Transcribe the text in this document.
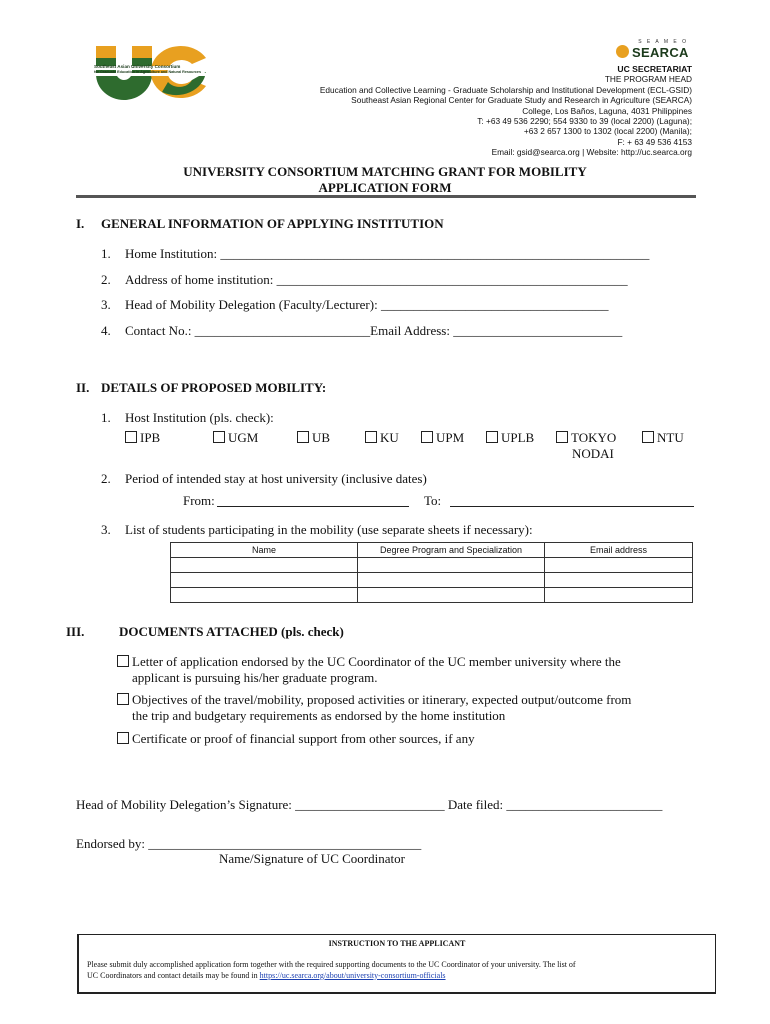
Southeast Asian University Consortium
for Graduate Education in Agriculture and Natural Resources
S E A M E O
SEARCA
UC SECRETARIAT
THE PROGRAM HEAD
Education and Collective Learning - Graduate Scholarship and Institutional Development (ECL-GSID)
Southeast Asian Regional Center for Graduate Study and Research in Agriculture (SEARCA)
College, Los Baños, Laguna, 4031 Philippines
T: +63 49 536 2290; 554 9330 to 39 (local 2200) (Laguna);
+63 2 657 1300 to 1302 (local 2200) (Manila);
F: + 63 49 536 4153
Email: gsid@searca.org | Website: http://uc.searca.org
UNIVERSITY CONSORTIUM MATCHING GRANT FOR MOBILITY
APPLICATION FORM
I. GENERAL INFORMATION OF APPLYING INSTITUTION
1. Home Institution: __________________________________________________________________
2. Address of home institution: ______________________________________________________
3. Head of Mobility Delegation (Faculty/Lecturer): ___________________________________
4. Contact No.: ___________________________Email Address: __________________________
II. DETAILS OF PROPOSED MOBILITY:
1. Host Institution (pls. check):
IPB	UGM	UB	KU	UPM	UPLB	TOKYO
NODAI
NTU
2. Period of intended stay at host university (inclusive dates)
From:	To:
3. List of students participating in the mobility (use separate sheets if necessary):
Name	Degree Program and Specialization	Email address

III.	DOCUMENTS ATTACHED (pls. check)
Letter of application endorsed by the UC Coordinator of the UC member university where the
applicant is pursuing his/her graduate program.
Objectives of the travel/mobility, proposed activities or itinerary, expected output/outcome from
the trip and budgetary requirements as endorsed by the home institution
Certificate or proof of financial support from other sources, if any
Head of Mobility Delegation’s Signature: _______________________ Date filed: ________________________
Endorsed by: __________________________________________
Name/Signature of UC Coordinator
INSTRUCTION TO THE APPLICANT
Please submit duly accomplished application form together with the required supporting documents to the UC Coordinator of your university. The list of
UC Coordinators and contact details may be found in https://uc.searca.org/about/university-consortium-officials
